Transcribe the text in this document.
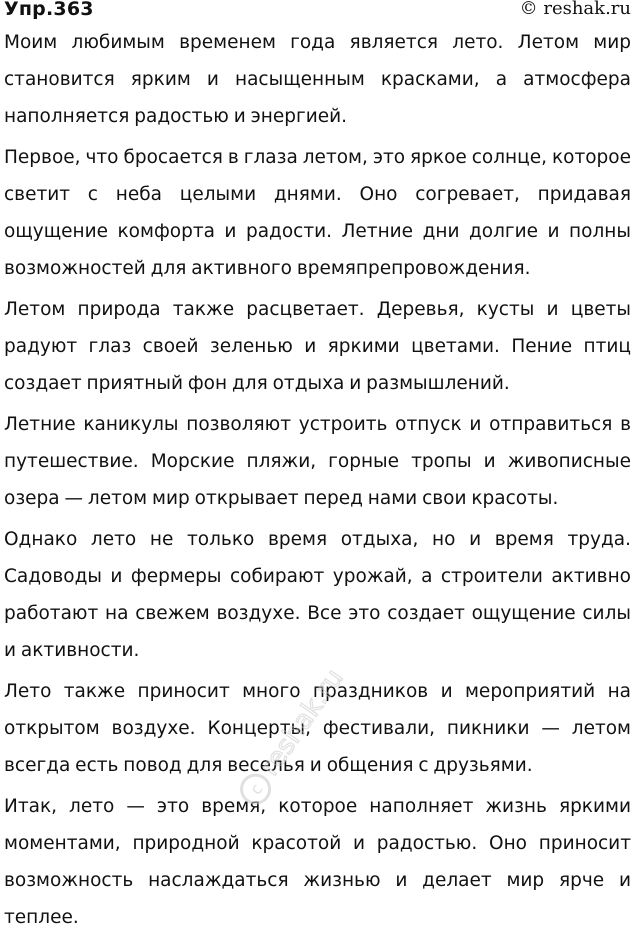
Упр.363	© reshak.ru

Моим любимым временем года является лето. Летом мир становится ярким и насыщенным красками, а атмосфера наполняется радостью и энергией.

Первое, что бросается в глаза летом, это яркое солнце, которое светит с неба целыми днями. Оно согревает, придавая ощущение комфорта и радости. Летние дни долгие и полны возможностей для активного времяпрепровождения.

Летом природа также расцветает. Деревья, кусты и цветы радуют глаз своей зеленью и яркими цветами. Пение птиц создает приятный фон для отдыха и размышлений.

Летние каникулы позволяют устроить отпуск и отправиться в путешествие. Морские пляжи, горные тропы и живописные озера — летом мир открывает перед нами свои красоты.

Однако лето не только время отдыха, но и время труда. Садоводы и фермеры собирают урожай, а строители активно работают на свежем воздухе. Все это создает ощущение силы и активности.

Лето также приносит много праздников и мероприятий на открытом воздухе. Концерты, фестивали, пикники — летом всегда есть повод для веселья и общения с друзьями.

Итак, лето — это время, которое наполняет жизнь яркими моментами, природной красотой и радостью. Оно приносит возможность наслаждаться жизнью и делает мир ярче и теплее.

c
reshak.ru
